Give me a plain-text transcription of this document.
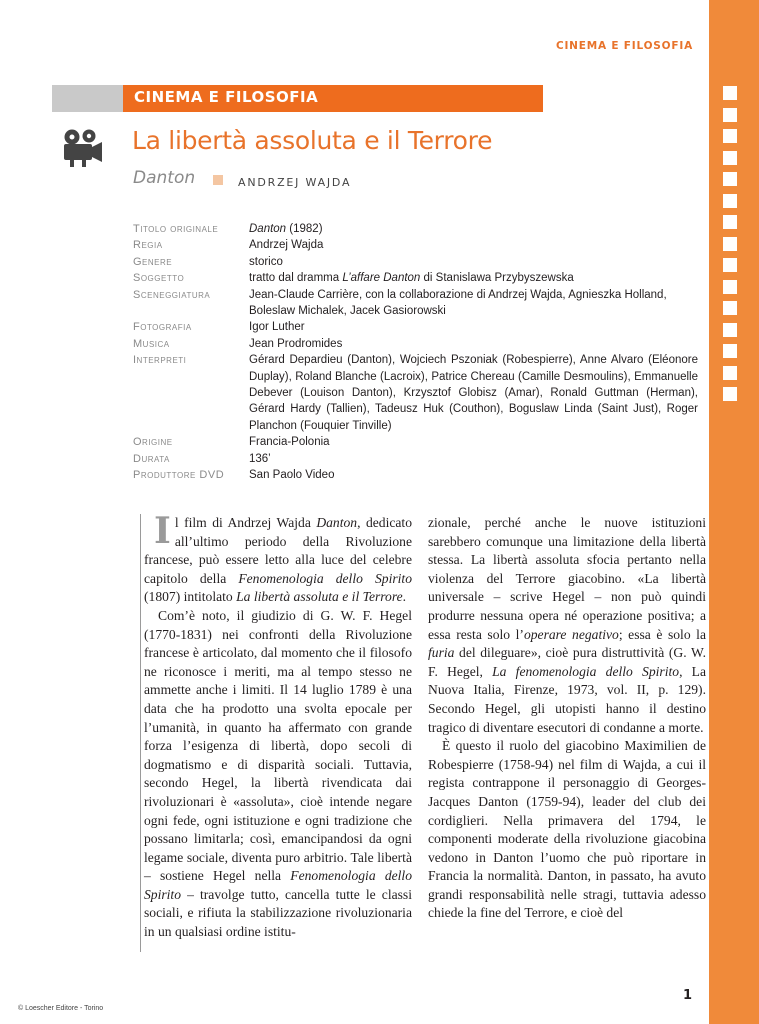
CINEMA E FILOSOFIA
CINEMA E FILOSOFIA
La libertà assoluta e il Terrore
Danton	ANDRZEJ WAJDA
Titolo originale	Danton (1982)
Regia	Andrzej Wajda
Genere	storico
Soggetto	tratto dal dramma L’affare Danton di Stanislawa Przybyszewska
Sceneggiatura	Jean-Claude Carrière, con la collaborazione di Andrzej Wajda, Agnieszka Holland, Boleslaw Michalek, Jacek Gasiorowski
Fotografia	Igor Luther
Musica	Jean Prodromides
Interpreti	Gérard Depardieu (Danton), Wojciech Pszoniak (Robespierre), Anne Alvaro (Eléonore Duplay), Roland Blanche (Lacroix), Patrice Chereau (Camille Desmoulins), Emmanuelle Debever (Louison Danton), Krzysztof Globisz (Amar), Ronald Guttman (Herman), Gérard Hardy (Tallien), Tadeusz Huk (Couthon), Boguslaw Linda (Saint Just), Roger Planchon (Fouquier Tinville)
Origine	Francia-Polonia
Durata	136’
Produttore DVD	San Paolo Video

Il film di Andrzej Wajda Danton, dedicato all’ultimo periodo della Rivoluzione francese, può essere letto alla luce del celebre capitolo della Fenomenologia dello Spirito (1807) intitolato La libertà assoluta e il Terrore.

Com’è noto, il giudizio di G. W. F. Hegel (1770-1831) nei confronti della Rivoluzione francese è articolato, dal momento che il filosofo ne riconosce i meriti, ma al tempo stesso ne ammette anche i limiti. Il 14 luglio 1789 è una data che ha prodotto una svolta epocale per l’umanità, in quanto ha affermato con grande forza l’esigenza di libertà, dopo secoli di dogmatismo e di disparità sociali. Tuttavia, secondo Hegel, la libertà rivendicata dai rivoluzionari è «assoluta», cioè intende negare ogni fede, ogni istituzione e ogni tradizione che possano limitarla; così, emancipandosi da ogni legame sociale, diventa puro arbitrio. Tale libertà – sostiene Hegel nella Fenomenologia dello Spirito – travolge tutto, cancella tutte le classi sociali, e rifiuta la stabilizzazione rivoluzionaria in un qualsiasi ordine istitu-

zionale, perché anche le nuove istituzioni sarebbero comunque una limitazione della libertà stessa. La libertà assoluta sfocia pertanto nella violenza del Terrore giacobino. «La libertà universale – scrive Hegel – non può quindi produrre nessuna opera né operazione positiva; a essa resta solo l’operare negativo; essa è solo la furia del dileguare», cioè pura distruttività (G. W. F. Hegel, La fenomenologia dello Spirito, La Nuova Italia, Firenze, 1973, vol. II, p. 129). Secondo Hegel, gli utopisti hanno il destino tragico di diventare esecutori di condanne a morte.

È questo il ruolo del giacobino Maximilien de Robespierre (1758-94) nel film di Wajda, a cui il regista contrappone il personaggio di Georges-Jacques Danton (1759-94), leader del club dei cordiglieri. Nella primavera del 1794, le componenti moderate della rivoluzione giacobina vedono in Danton l’uomo che può riportare in Francia la normalità. Danton, in passato, ha avuto grandi responsabilità nelle stragi, tuttavia adesso chiede la fine del Terrore, e cioè del

1
© Loescher Editore - Torino
